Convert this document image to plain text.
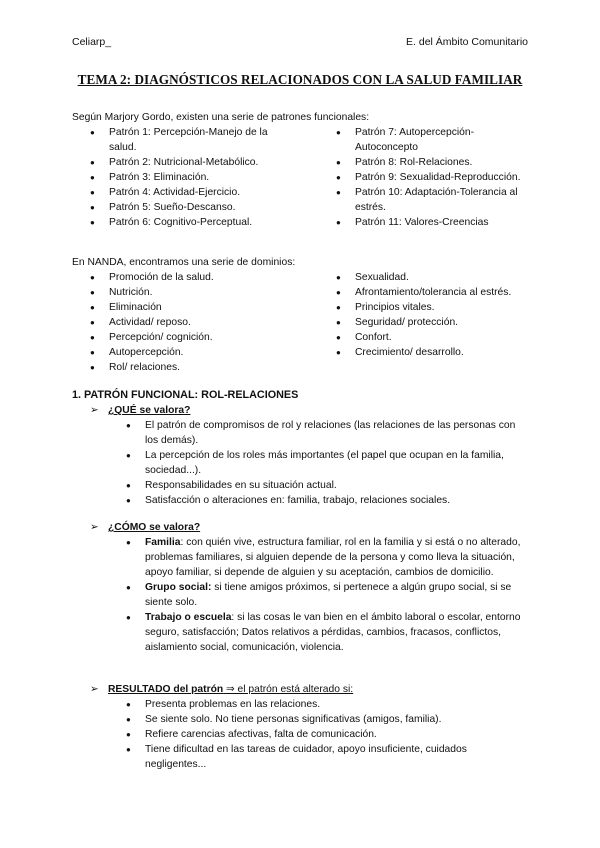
Celiarp_	E. del Ámbito Comunitario
TEMA 2: DIAGNÓSTICOS RELACIONADOS CON LA SALUD FAMILIAR

Según Marjory Gordo, existen una serie de patrones funcionales:

● Patrón 1: Percepción-Manejo de la salud.
● Patrón 2: Nutricional-Metabólico.
● Patrón 3: Eliminación.
● Patrón 4: Actividad-Ejercicio.
● Patrón 5: Sueño-Descanso.
● Patrón 6: Cognitivo-Perceptual.
● Patrón 7: Autopercepción-Autoconcepto
● Patrón 8: Rol-Relaciones.
● Patrón 9: Sexualidad-Reproducción.
● Patrón 10: Adaptación-Tolerancia al estrés.
● Patrón 11: Valores-Creencias

En NANDA, encontramos una serie de dominios:

● Promoción de la salud.
● Nutrición.
● Eliminación
● Actividad/ reposo.
● Percepción/ cognición.
● Autopercepción.
● Rol/ relaciones.
● Sexualidad.
● Afrontamiento/tolerancia al estrés.
● Principios vitales.
● Seguridad/ protección.
● Confort.
● Crecimiento/ desarrollo.
1. PATRÓN FUNCIONAL: ROL-RELACIONES
➢ ¿QUÉ se valora?
● El patrón de compromisos de rol y relaciones (las relaciones de las personas con los demás).
● La percepción de los roles más importantes (el papel que ocupan en la familia, sociedad...).
● Responsabilidades en su situación actual.
● Satisfacción o alteraciones en: familia, trabajo, relaciones sociales.
➢ ¿CÓMO se valora?
● Familia: con quién vive, estructura familiar, rol en la familia y si está o no alterado, problemas familiares, si alguien depende de la persona y como lleva la situación, apoyo familiar, si depende de alguien y su aceptación, cambios de domicilio.
● Grupo social: si tiene amigos próximos, si pertenece a algún grupo social, si se siente solo.
● Trabajo o escuela: si las cosas le van bien en el ámbito laboral o escolar, entorno seguro, satisfacción; Datos relativos a pérdidas, cambios, fracasos, conflictos, aislamiento social, comunicación, violencia.
➢ RESULTADO del patrón ⇒ el patrón está alterado si:
● Presenta problemas en las relaciones.
● Se siente solo. No tiene personas significativas (amigos, familia).
● Refiere carencias afectivas, falta de comunicación.
● Tiene dificultad en las tareas de cuidador, apoyo insuficiente, cuidados negligentes...
